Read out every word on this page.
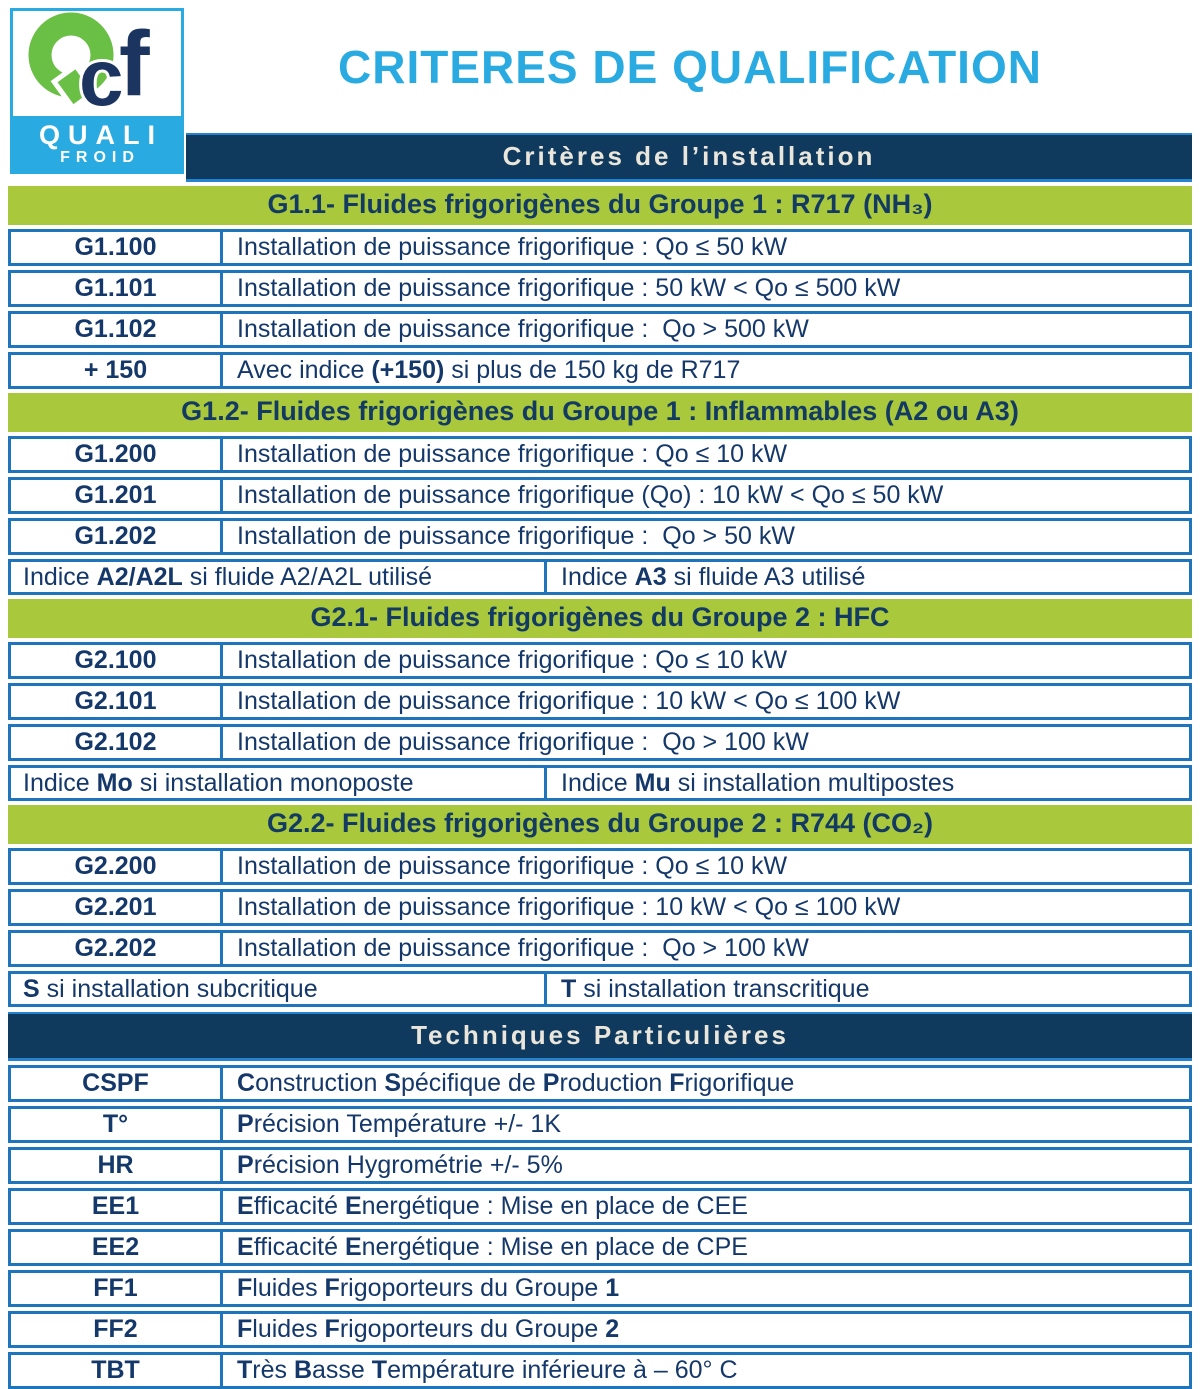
c
f
QUALI
FROID
CRITERES DE QUALIFICATION
Critères de l’installation
G1.1- Fluides frigorigènes du Groupe 1 : R717 (NH₃)
G1.100	Installation de puissance frigorifique : Qo ≤ 50 kW
G1.101	Installation de puissance frigorifique : 50 kW < Qo ≤ 500 kW
G1.102	Installation de puissance frigorifique :  Qo > 500 kW
+ 150	Avec indice (+150) si plus de 150 kg de R717
G1.2- Fluides frigorigènes du Groupe 1 : Inflammables (A2 ou A3)
G1.200	Installation de puissance frigorifique : Qo ≤ 10 kW
G1.201	Installation de puissance frigorifique (Qo) : 10 kW < Qo ≤ 50 kW
G1.202	Installation de puissance frigorifique :  Qo > 50 kW
Indice A2/A2L si fluide A2/A2L utilisé	Indice A3 si fluide A3 utilisé
G2.1- Fluides frigorigènes du Groupe 2 : HFC
G2.100	Installation de puissance frigorifique : Qo ≤ 10 kW
G2.101	Installation de puissance frigorifique : 10 kW < Qo ≤ 100 kW
G2.102	Installation de puissance frigorifique :  Qo > 100 kW
Indice Mo si installation monoposte	Indice Mu si installation multipostes
G2.2- Fluides frigorigènes du Groupe 2 : R744 (CO₂)
G2.200	Installation de puissance frigorifique : Qo ≤ 10 kW
G2.201	Installation de puissance frigorifique : 10 kW < Qo ≤ 100 kW
G2.202	Installation de puissance frigorifique :  Qo > 100 kW
S si installation subcritique	T si installation transcritique
Techniques Particulières
CSPF	C onstruction S pécifique de P roduction F rigorifique
T°	P récision Température +/- 1K
HR	P récision Hygrométrie +/- 5%
EE1	E fficacité E nergétique : Mise en place de CEE
EE2	E fficacité E nergétique : Mise en place de CPE
FF1	F luides F rigoporteurs du Groupe 1
FF2	F luides F rigoporteurs du Groupe 2
TBT	T rès B asse T empérature inférieure à – 60° C
